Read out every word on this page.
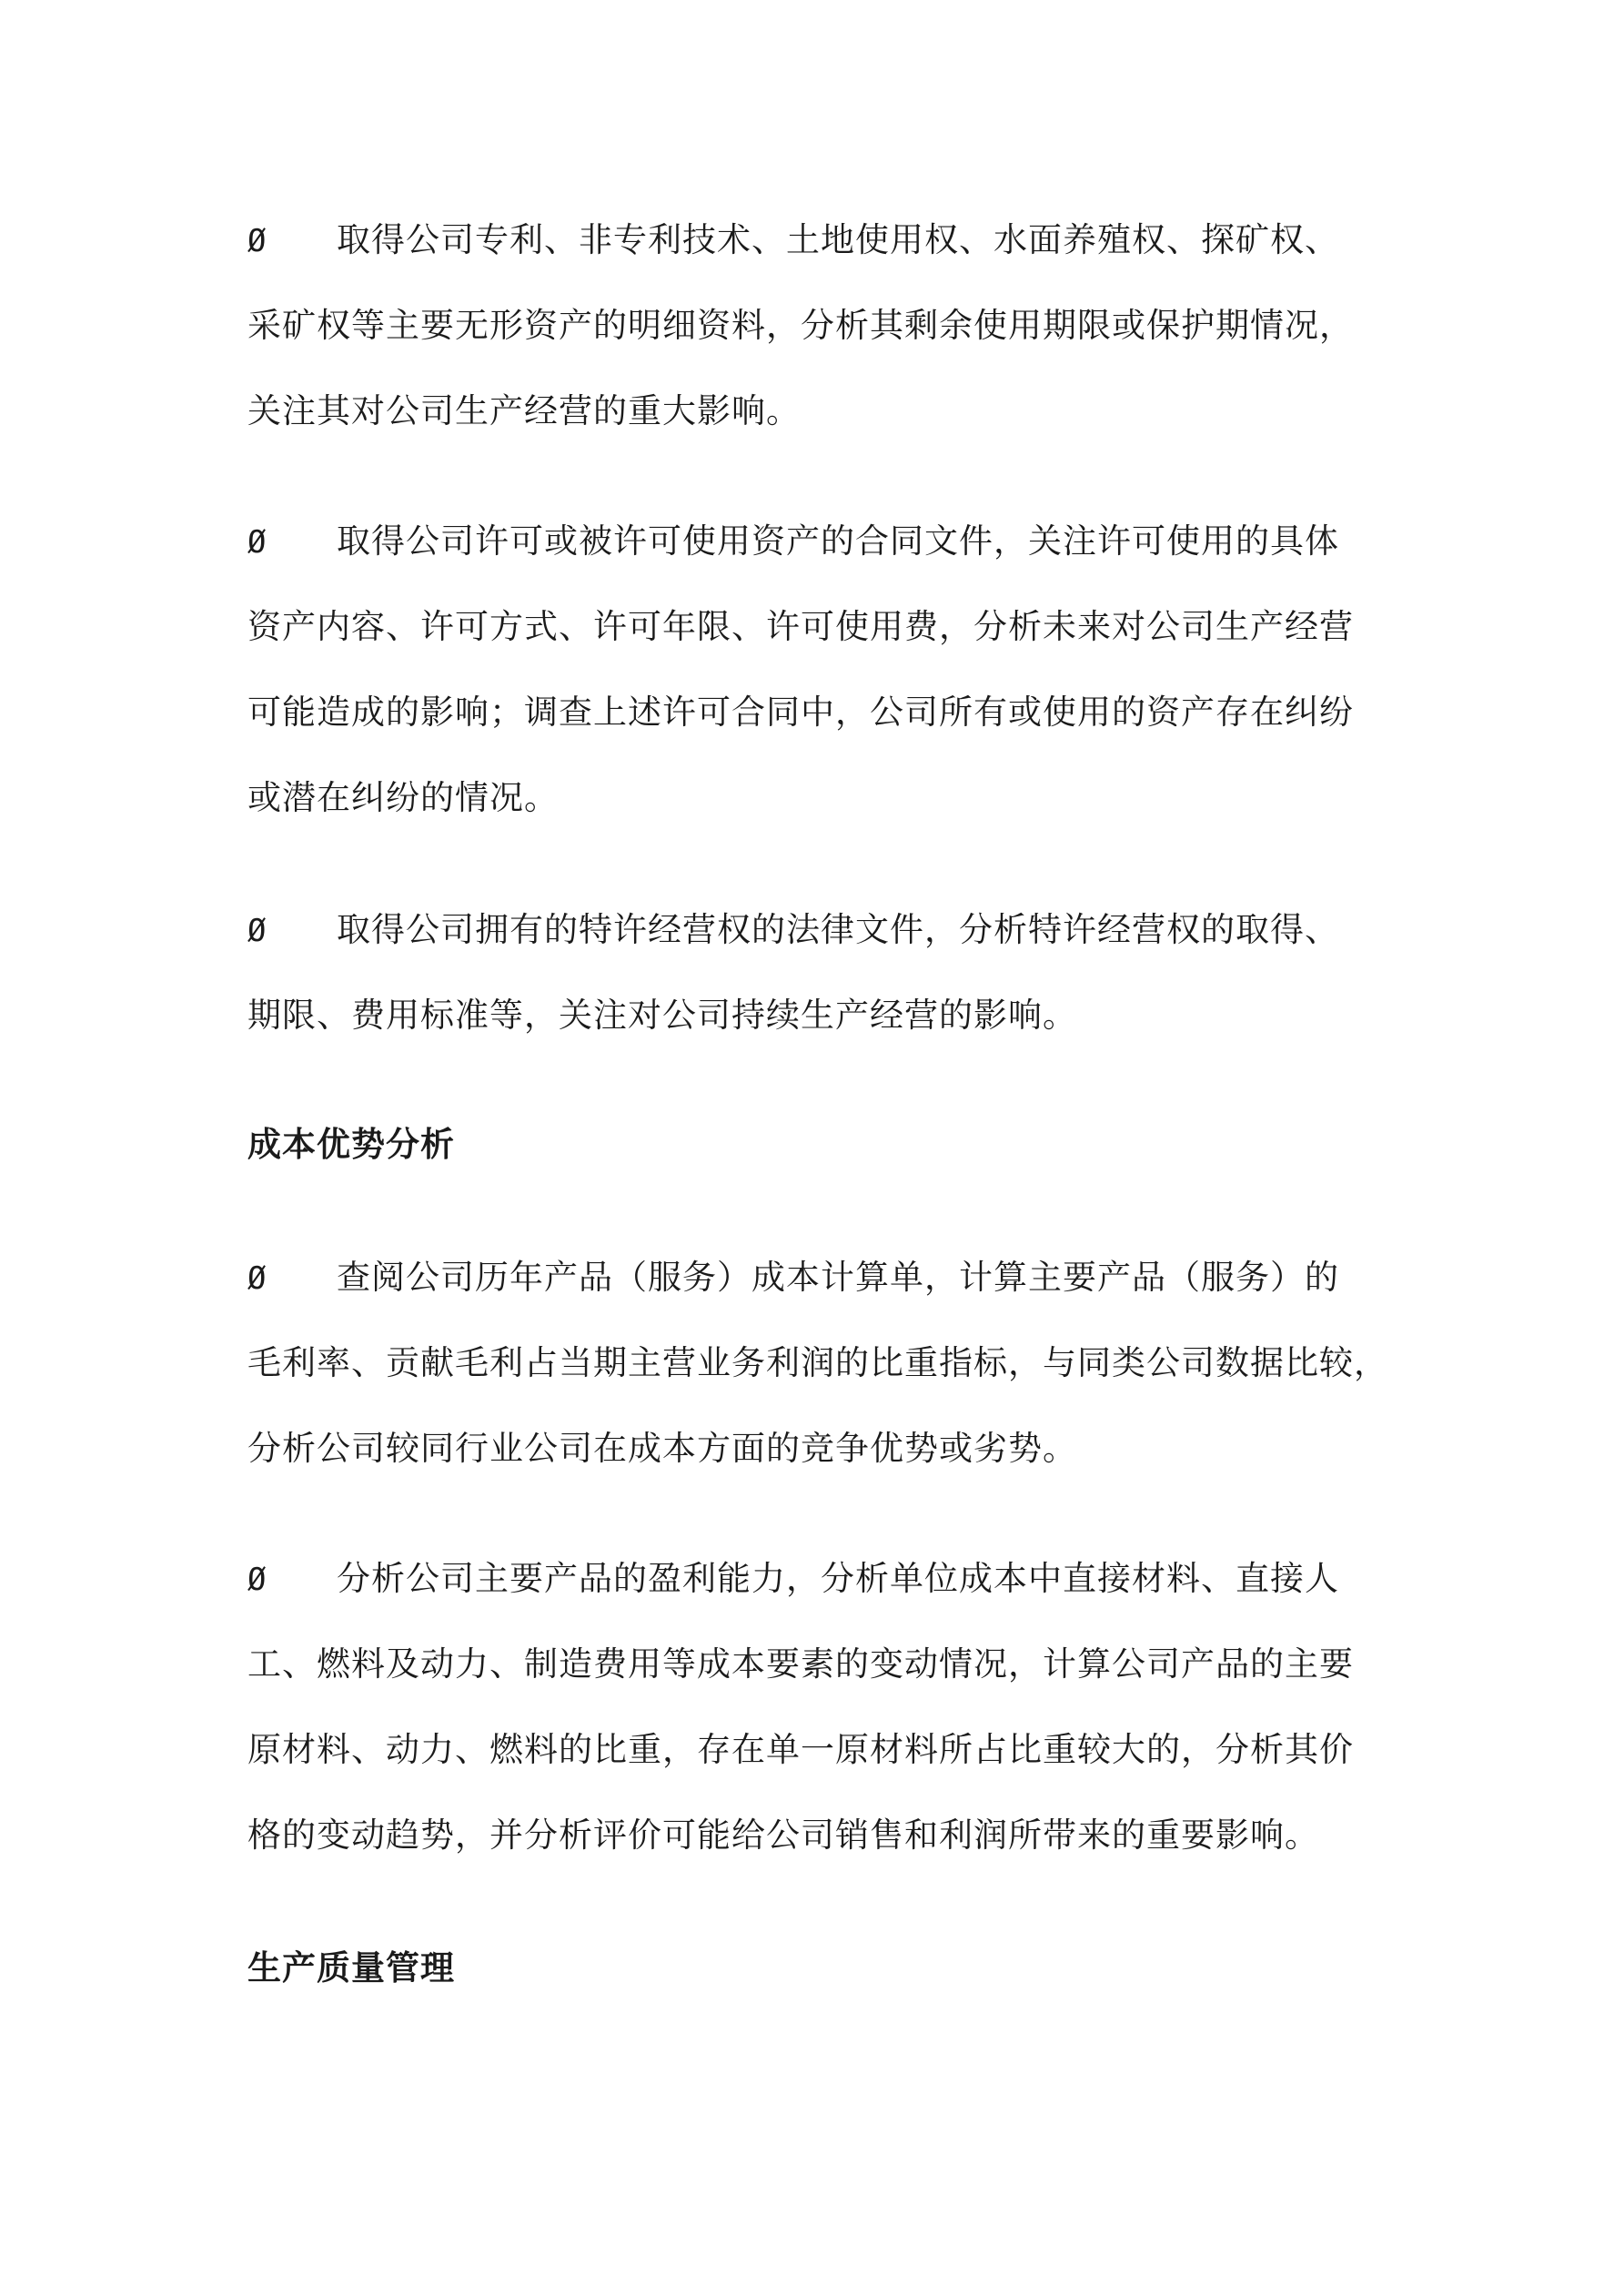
Ø 取得公司专利、非专利技术、土地使用权、水面养殖权、探矿权、
采矿权等主要无形资产的明细资料，分析其剩余使用期限或保护期情况，
关注其对公司生产经营的重大影响。
Ø 取得公司许可或被许可使用资产的合同文件，关注许可使用的具体
资产内容、许可方式、许可年限、许可使用费，分析未来对公司生产经营
可能造成的影响；调查上述许可合同中，公司所有或使用的资产存在纠纷
或潜在纠纷的情况。
Ø 取得公司拥有的特许经营权的法律文件，分析特许经营权的取得、
期限、费用标准等，关注对公司持续生产经营的影响。
成本优势分析
Ø 查阅公司历年产品（服务）成本计算单，计算主要产品（服务）的
毛利率、贡献毛利占当期主营业务利润的比重指标，与同类公司数据比较，
分析公司较同行业公司在成本方面的竞争优势或劣势。
Ø 分析公司主要产品的盈利能力，分析单位成本中直接材料、直接人
工、燃料及动力、制造费用等成本要素的变动情况，计算公司产品的主要
原材料、动力、燃料的比重，存在单一原材料所占比重较大的，分析其价
格的变动趋势，并分析评价可能给公司销售和利润所带来的重要影响。
生产质量管理
